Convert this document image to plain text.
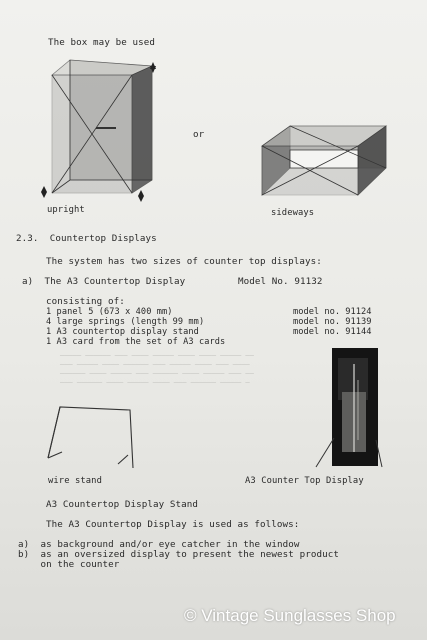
The box may be used
or
upright	sideways
2.3.  Countertop Displays
The system has two sizes of counter top displays:
a)  The A3 Countertop Display	Model No. 91132
consisting of:
1 panel 5 (673 x 400 mm)	model no. 91124
4 large springs (length 99 mm)	model no. 91139
1 A3 countertop display stand	model no. 91144
1 A3 card from the set of A3 cards
───── ────── ─── ──── ───── ──── ──── ───── ──
─── ───── ──── ────── ─── ───── ──── ─── ────
────── ──── ───── ─── ────── ──── ───── ─── ──
─── ────── ──── ───── ──── ─── ────── ───── ─
wire stand	A3 Counter Top Display
A3 Countertop Display Stand
The A3 Countertop Display is used as follows:
a)  as background and/or eye catcher in the window
b)  as an oversized display to present the newest product
on the counter
© Vintage Sunglasses Shop
